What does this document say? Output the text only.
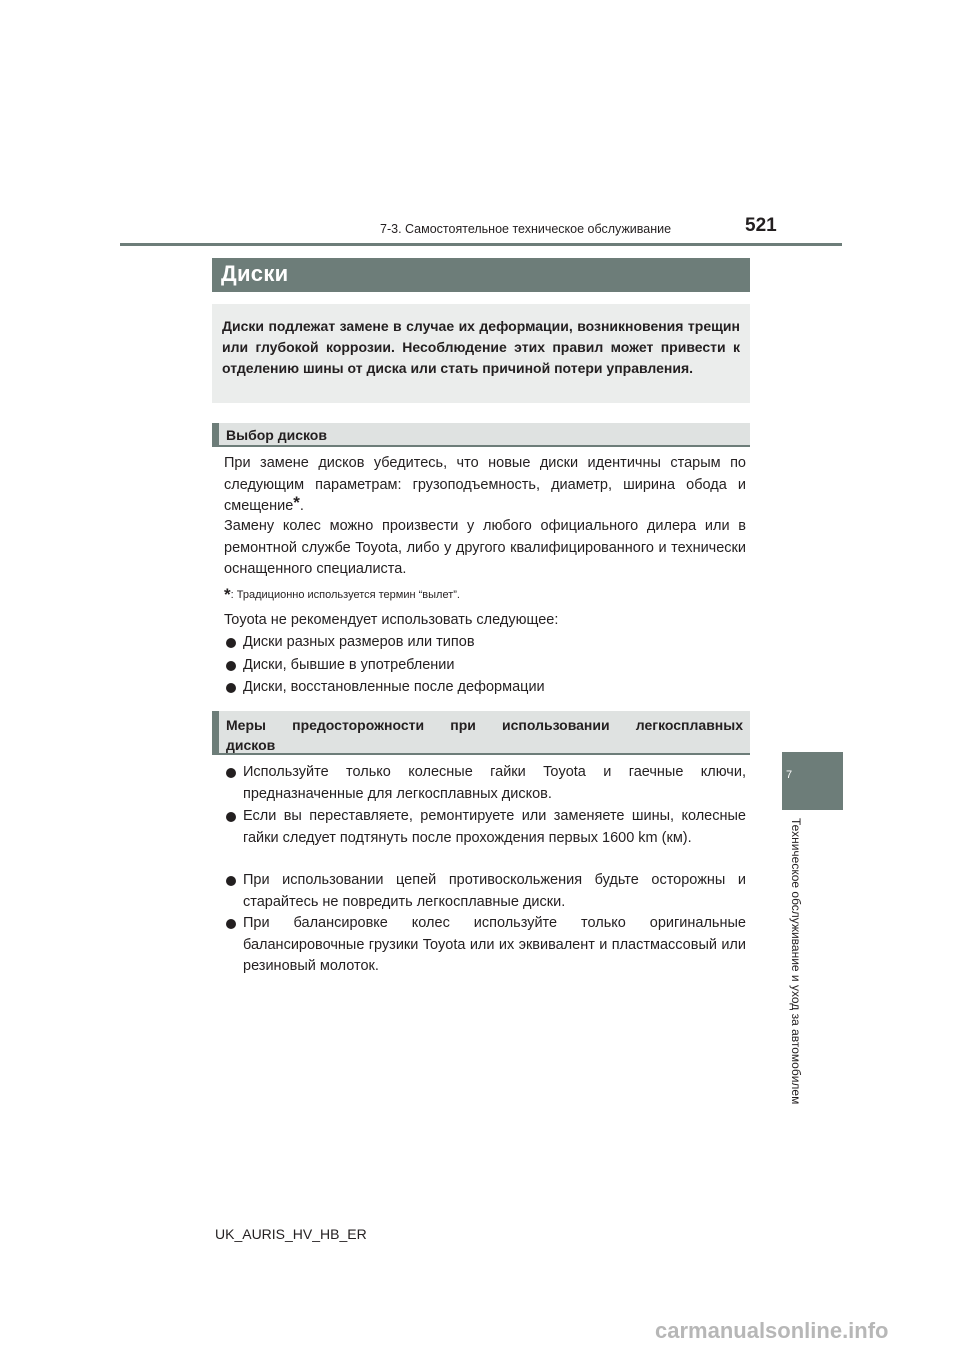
7-3. Самостоятельное техническое обслуживание	521
Диски
Диски подлежат замене в случае их деформации, возникновения трещин или глубокой коррозии. Несоблюдение этих правил может привести к отделению шины от диска или стать причиной потери управления.
Выбор дисков

При замене дисков убедитесь, что новые диски идентичны старым по следующим параметрам: грузоподъемность, диаметр, ширина обода и смещение*.

Замену колес можно произвести у любого официального дилера или в ремонтной службе Toyota, либо у другого квалифицированного и технически оснащенного специалиста.

*: Традиционно используется термин “вылет”.
Toyota не рекомендует использовать следующее:
Диски разных размеров или типов
Диски, бывшие в употреблении
Диски, восстановленные после деформации
Меры предосторожности при использовании легкосплавных
дисков
Используйте только колесные гайки Toyota и гаечные ключи, предназначенные для легкосплавных дисков.
Если вы переставляете, ремонтируете или заменяете шины, колесные гайки следует подтянуть после прохождения первых 1600 km (км).
При использовании цепей противоскольжения будьте осторожны и старайтесь не повредить легкосплавные диски.
При балансировке колес используйте только оригинальные балансировочные грузики Toyota или их эквивалент и пластмассовый или резиновый молоток.
7
Техническое обслуживание и уход за автомобилем
UK_AURIS_HV_HB_ER
carmanualsonline.info
